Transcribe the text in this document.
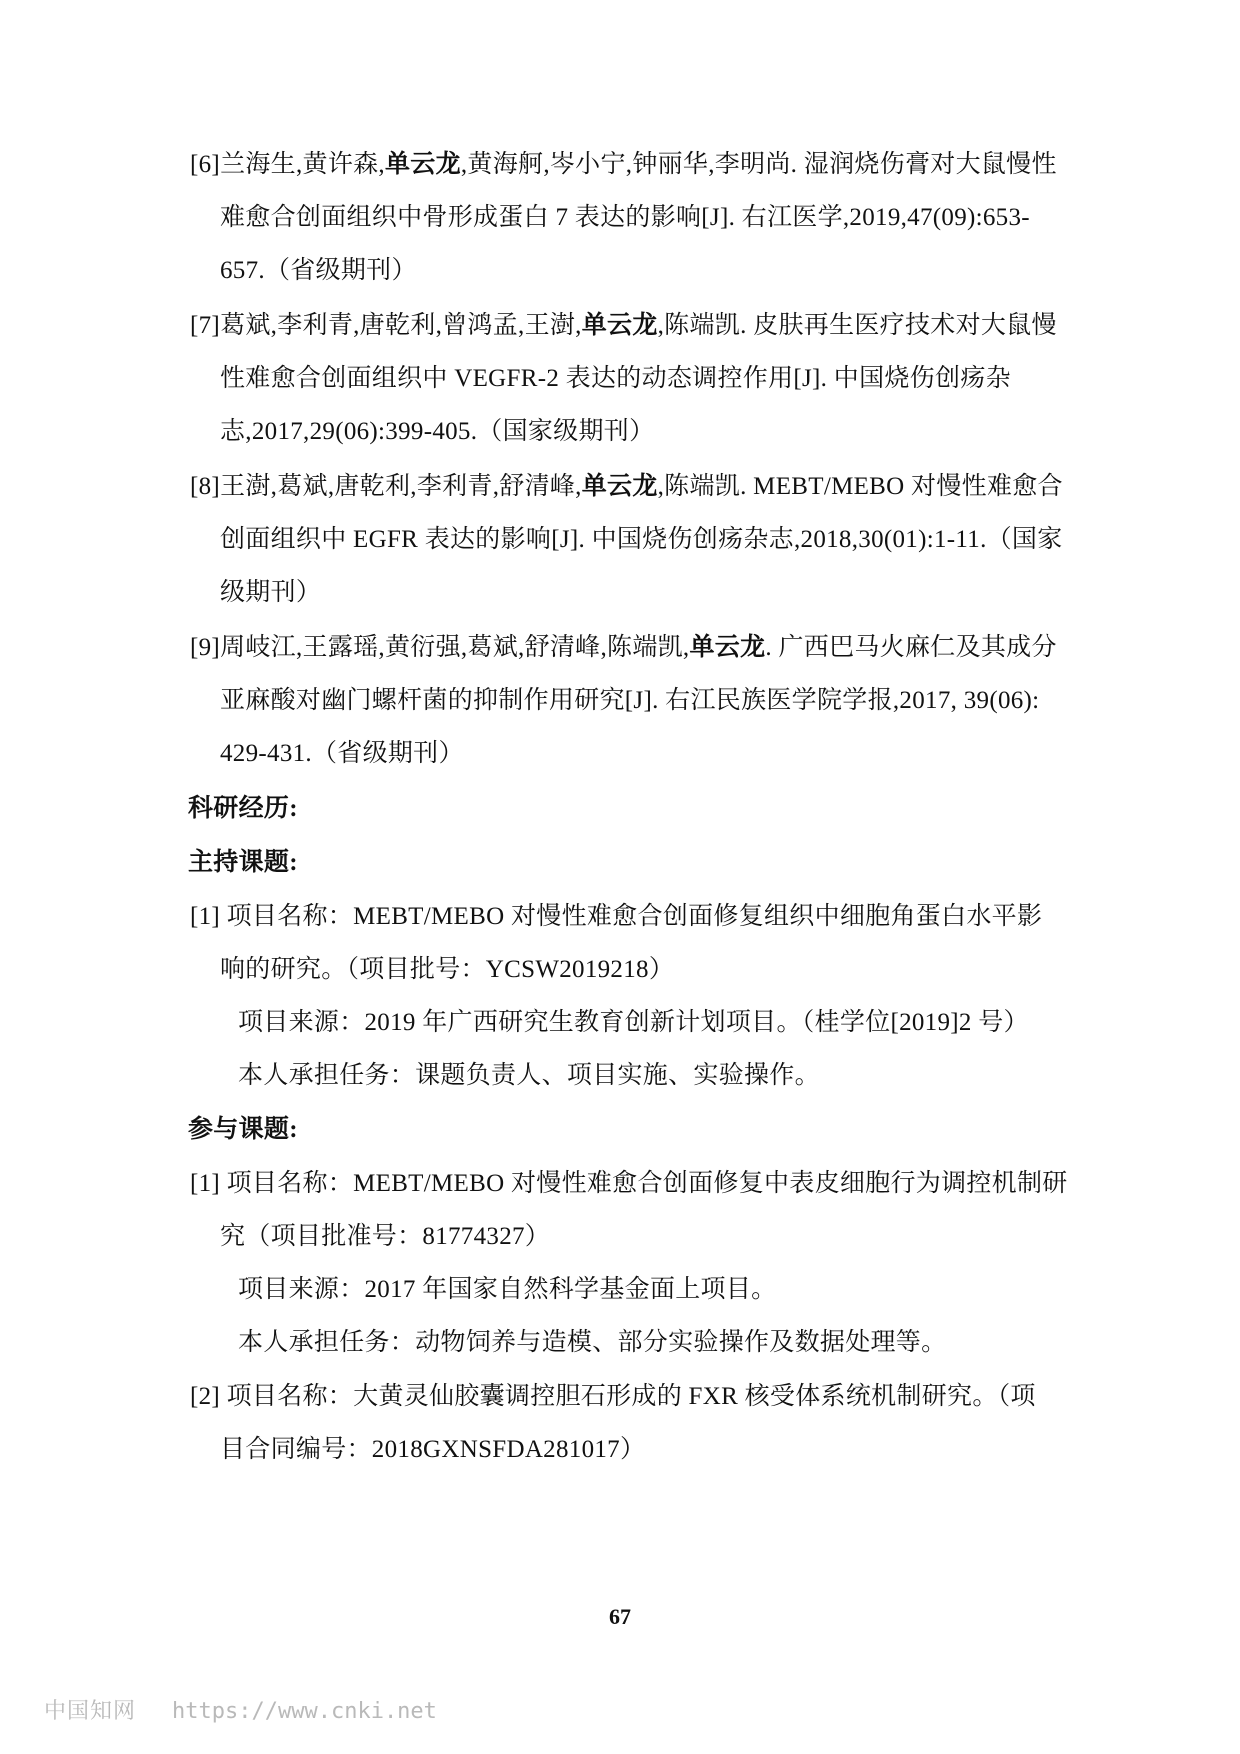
[6]兰海生,黄许森,单云龙,黄海舸,岑小宁,钟丽华,李明尚. 湿润烧伤膏对大鼠慢性
难愈合创面组织中骨形成蛋白 7 表达的影响[J]. 右江医学,2019,47(09):653-
657.（省级期刊）
[7]葛斌,李利青,唐乾利,曾鸿孟,王澍,单云龙,陈端凯. 皮肤再生医疗技术对大鼠慢
性难愈合创面组织中 VEGFR-2 表达的动态调控作用[J]. 中国烧伤创疡杂
志,2017,29(06):399-405.（国家级期刊）
[8]王澍,葛斌,唐乾利,李利青,舒清峰,单云龙,陈端凯. MEBT/MEBO 对慢性难愈合
创面组织中 EGFR 表达的影响[J]. 中国烧伤创疡杂志,2018,30(01):1-11.（国家
级期刊）
[9]周岐江,王露瑶,黄衍强,葛斌,舒清峰,陈端凯,单云龙. 广西巴马火麻仁及其成分
亚麻酸对幽门螺杆菌的抑制作用研究[J]. 右江民族医学院学报,2017, 39(06):
429-431.（省级期刊）
科研经历:
主持课题:
[1] 项目名称：MEBT/MEBO 对慢性难愈合创面修复组织中细胞角蛋白水平影
响的研究。（项目批号：YCSW2019218）
项目来源：2019 年广西研究生教育创新计划项目。（桂学位[2019]2 号）
本人承担任务：课题负责人、项目实施、实验操作。
参与课题:
[1] 项目名称：MEBT/MEBO 对慢性难愈合创面修复中表皮细胞行为调控机制研
究（项目批准号：81774327）
项目来源：2017 年国家自然科学基金面上项目。
本人承担任务：动物饲养与造模、部分实验操作及数据处理等。
[2] 项目名称：大黄灵仙胶囊调控胆石形成的 FXR 核受体系统机制研究。（项
目合同编号：2018GXNSFDA281017）
67
中国知网 https://www.cnki.net
